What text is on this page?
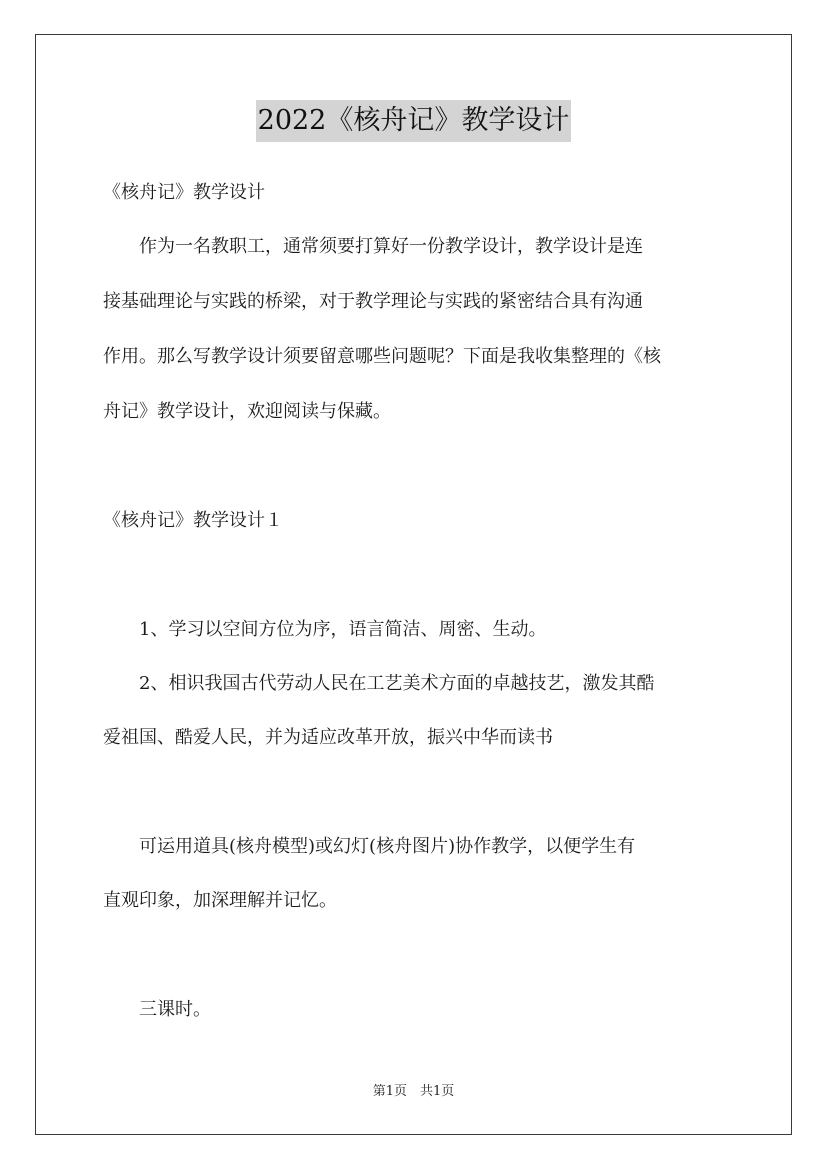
2022《核舟记》教学设计
《核舟记》教学设计
　　作为一名教职工，通常须要打算好一份教学设计，教学设计是连
接基础理论与实践的桥梁，对于教学理论与实践的紧密结合具有沟通
作用。那么写教学设计须要留意哪些问题呢？下面是我收集整理的《核
舟记》教学设计，欢迎阅读与保藏。
《核舟记》教学设计１
　　1、学习以空间方位为序，语言简洁、周密、生动。
　　2、相识我国古代劳动人民在工艺美术方面的卓越技艺，激发其酷
爱祖国、酷爱人民，并为适应改革开放，振兴中华而读书
　　可运用道具(核舟模型)或幻灯(核舟图片)协作教学，以便学生有
直观印象，加深理解并记忆。
　　三课时。
第1页　共1页
